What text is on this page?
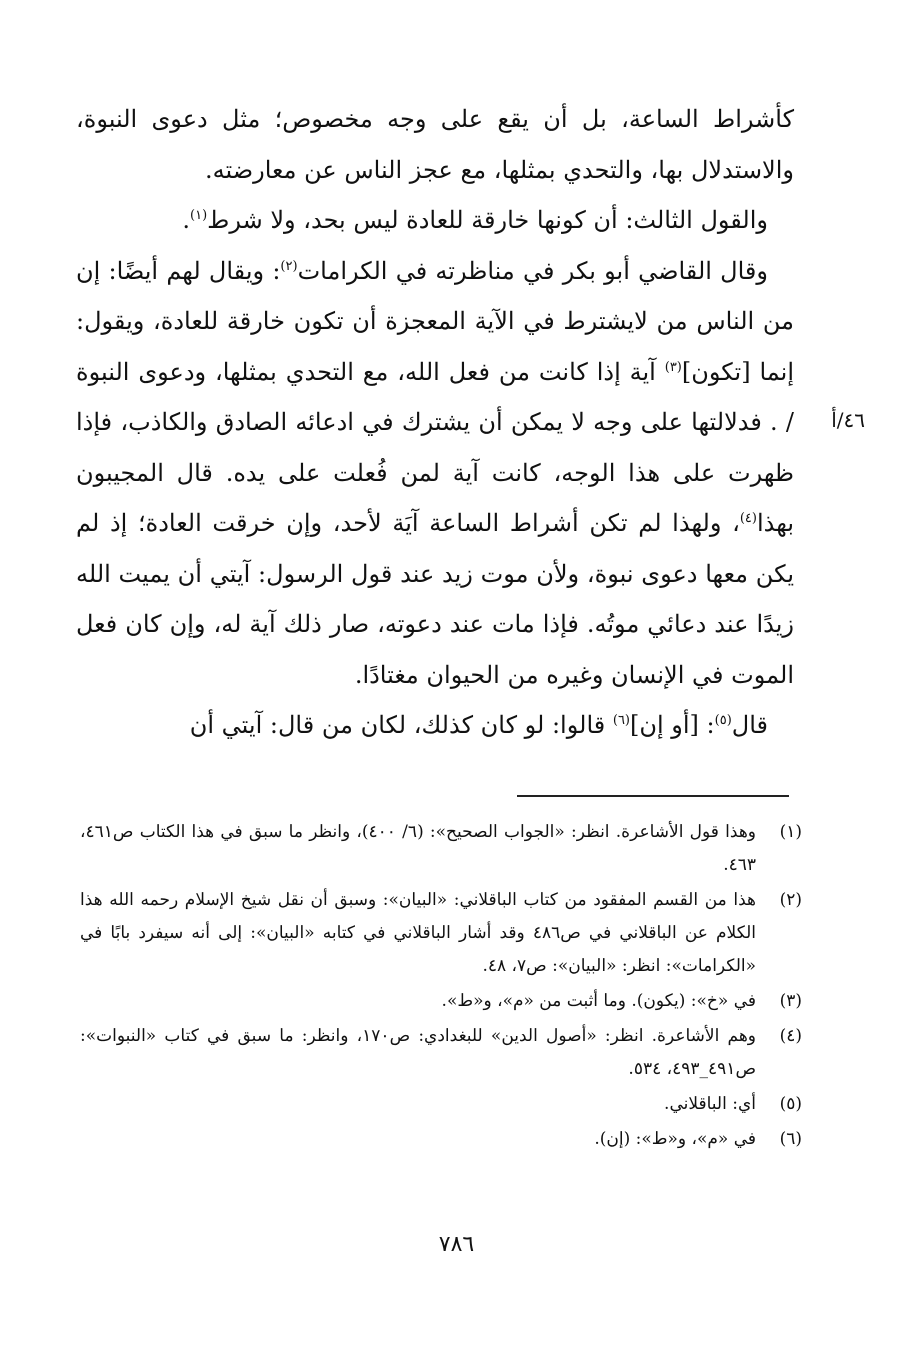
كأشراط الساعة، بل أن يقع على وجه مخصوص؛ مثل دعوى النبوة، والاستدلال بها، والتحدي بمثلها، مع عجز الناس عن معارضته.

والقول الثالث: أن كونها خارقة للعادة ليس بحد، ولا شرط$^{(١)}$.

وقال القاضي أبو بكر في مناظرته في الكرامات$^{(٢)}$: ويقال لهم أيضًا: إن من الناس من لايشترط في الآية المعجزة أن تكون خارقة للعادة، ويقول: إنما [تكون]$^{(٣)}$ آية إذا كانت من فعل الله، مع التحدي بمثلها، ودعوى النبوة / . فدلالتها على وجه لا يمكن أن يشترك في ادعائه الصادق والكاذب، فإذا ظهرت على هذا الوجه، كانت آية لمن فُعلت على يده. قال المجيبون بهذا$^{(٤)}$، ولهذا لم تكن أشراط الساعة آيَة لأحد، وإن خرقت العادة؛ إذ لم يكن معها دعوى نبوة، ولأن موت زيد عند قول الرسول: آيتي أن يميت الله زيدًا عند دعائي موتُه. فإذا مات عند دعوته، صار ذلك آية له، وإن كان فعل الموت في الإنسان وغيره من الحيوان مغتادًا.

قال$^{(٥)}$: [أو إن]$^{(٦)}$ قالوا: لو كان كذلك، لكان من قال: آيتي أن

٤٦/أ
(١)
وهذا قول الأشاعرة. انظر: «الجواب الصحيح»: (٦/ ٤٠٠)، وانظر ما سبق في هذا الكتاب ص٤٦١، ٤٦٣.
(٢)
هذا من القسم المفقود من كتاب الباقلاني: «البيان»: وسبق أن نقل شيخ الإسلام رحمه الله هذا الكلام عن الباقلاني في ص٤٨٦ وقد أشار الباقلاني في كتابه «البيان»: إلى أنه سيفرد بابًا في «الكرامات»: انظر: «البيان»: ص٧، ٤٨.
(٣)
في «خ»: (يكون). وما أثبت من «م»، و«ط».
(٤)
وهم الأشاعرة. انظر: «أصول الدين» للبغدادي: ص١٧٠، وانظر: ما سبق في كتاب «النبوات»: ص٤٩١_٤٩٣، ٥٣٤.
(٥)
أي: الباقلاني.
(٦)
في «م»، و«ط»: (إن).
٧٨٦
